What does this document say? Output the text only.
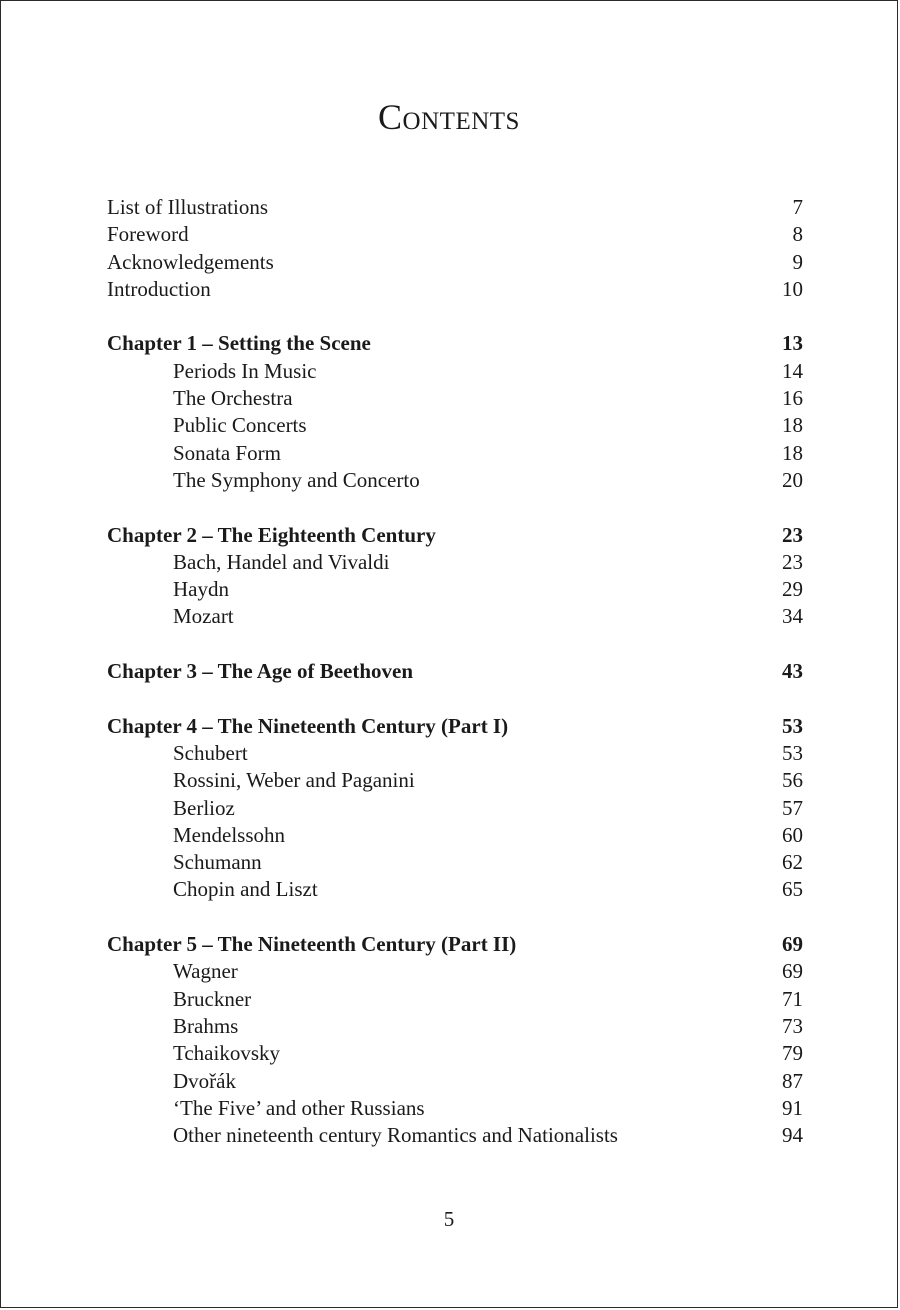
Contents
List of Illustrations	7
Foreword	8
Acknowledgements	9
Introduction	10
Chapter 1 – Setting the Scene	13
Periods In Music	14
The Orchestra	16
Public Concerts	18
Sonata Form	18
The Symphony and Concerto	20
Chapter 2 – The Eighteenth Century	23
Bach, Handel and Vivaldi	23
Haydn	29
Mozart	34
Chapter 3 – The Age of Beethoven	43
Chapter 4 – The Nineteenth Century (Part I)	53
Schubert	53
Rossini, Weber and Paganini	56
Berlioz	57
Mendelssohn	60
Schumann	62
Chopin and Liszt	65
Chapter 5 – The Nineteenth Century (Part II)	69
Wagner	69
Bruckner	71
Brahms	73
Tchaikovsky	79
Dvořák	87
‘The Five’ and other Russians	91
Other nineteenth century Romantics and Nationalists	94
5
